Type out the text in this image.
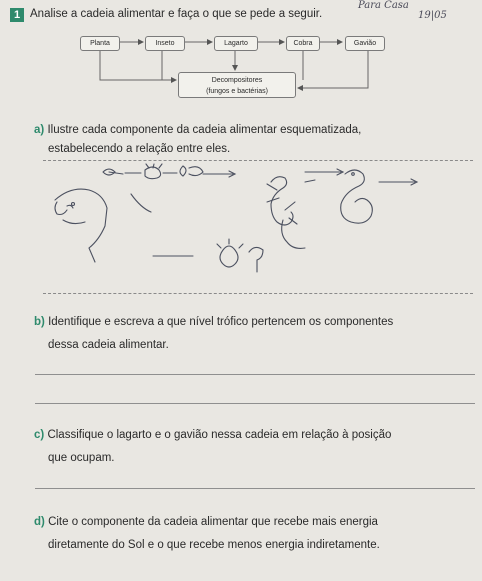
1 Analise a cadeia alimentar e faça o que se pede a seguir.
Para Casa
19|05
Planta	Inseto	Lagarto	Cobra	Gavião
Decompositores
(fungos e bactérias)
a) Ilustre cada componente da cadeia alimentar esquematizada,
estabelecendo a relação entre eles.
b) Identifique e escreva a que nível trófico pertencem os componentes
dessa cadeia alimentar.
c) Classifique o lagarto e o gavião nessa cadeia em relação à posição
que ocupam.
d) Cite o componente da cadeia alimentar que recebe mais energia
diretamente do Sol e o que recebe menos energia indiretamente.
